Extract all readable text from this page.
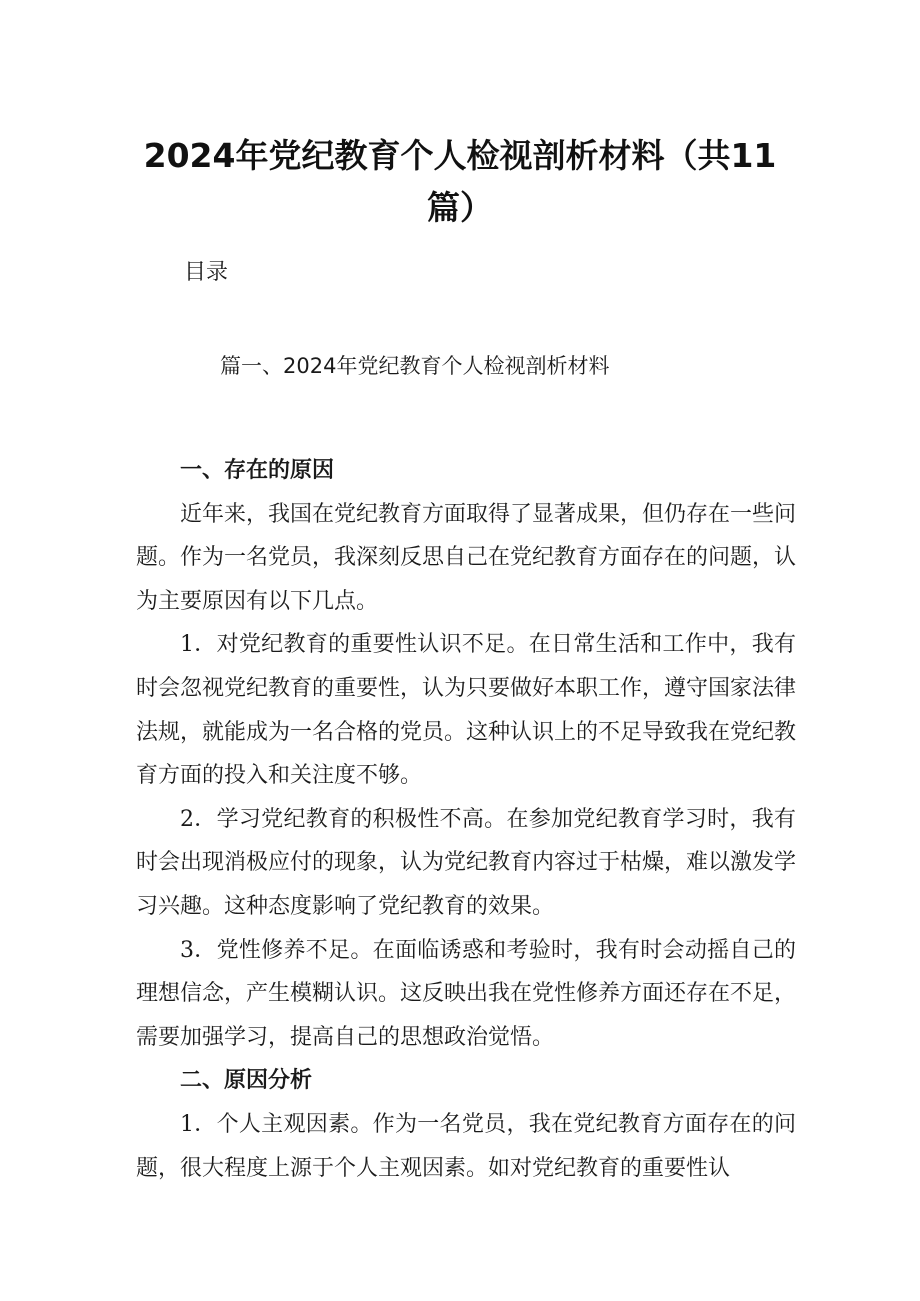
2024年党纪教育个人检视剖析材料（共11
篇）
目录
篇一、2024年党纪教育个人检视剖析材料
一、存在的原因

近年来，我国在党纪教育方面取得了显著成果，但仍存在一些问题。作为一名党员，我深刻反思自己在党纪教育方面存在的问题，认为主要原因有以下几点。

1．对党纪教育的重要性认识不足。在日常生活和工作中，我有时会忽视党纪教育的重要性，认为只要做好本职工作，遵守国家法律法规，就能成为一名合格的党员。这种认识上的不足导致我在党纪教育方面的投入和关注度不够。

2．学习党纪教育的积极性不高。在参加党纪教育学习时，我有时会出现消极应付的现象，认为党纪教育内容过于枯燥，难以激发学习兴趣。这种态度影响了党纪教育的效果。

3．党性修养不足。在面临诱惑和考验时，我有时会动摇自己的理想信念，产生模糊认识。这反映出我在党性修养方面还存在不足，需要加强学习，提高自己的思想政治觉悟。

二、原因分析

1．个人主观因素。作为一名党员，我在党纪教育方面存在的问题，很大程度上源于个人主观因素。如对党纪教育的重要性认
